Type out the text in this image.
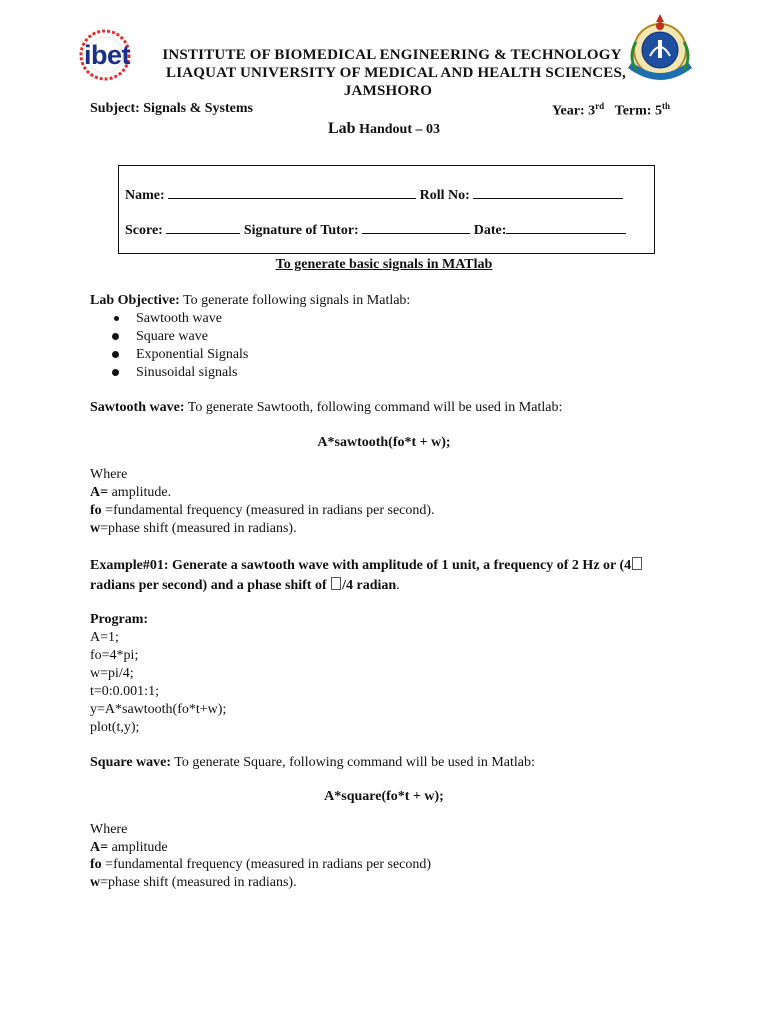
ibet	INSTITUTE OF BIOMEDICAL ENGINEERING & TECHNOLOGY
LIAQUAT UNIVERSITY OF MEDICAL AND HEALTH SCIENCES,
JAMSHORO
Subject: Signals & Systems	Year: 3rd Term: 5th
Lab Handout – 03
Name:	Roll No:
Score:	Signature of Tutor:	Date:
To generate basic signals in MATlab
Lab Objective: To generate following signals in Matlab:
Sawtooth wave
Square wave
Exponential Signals
Sinusoidal signals
Sawtooth wave: To generate Sawtooth, following command will be used in Matlab:
A*sawtooth(fo*t + w);
Where
A= amplitude.
fo =fundamental frequency (measured in radians per second).
w=phase shift (measured in radians).
Example#01: Generate a sawtooth wave with amplitude of 1 unit, a frequency of 2 Hz or (4
radians per second) and a phase shift of /4 radian.
Program:
A=1;
fo=4*pi;
w=pi/4;
t=0:0.001:1;
y=A*sawtooth(fo*t+w);
plot(t,y);
Square wave: To generate Square, following command will be used in Matlab:
A*square(fo*t + w);
Where
A= amplitude
fo =fundamental frequency (measured in radians per second)
w=phase shift (measured in radians).
